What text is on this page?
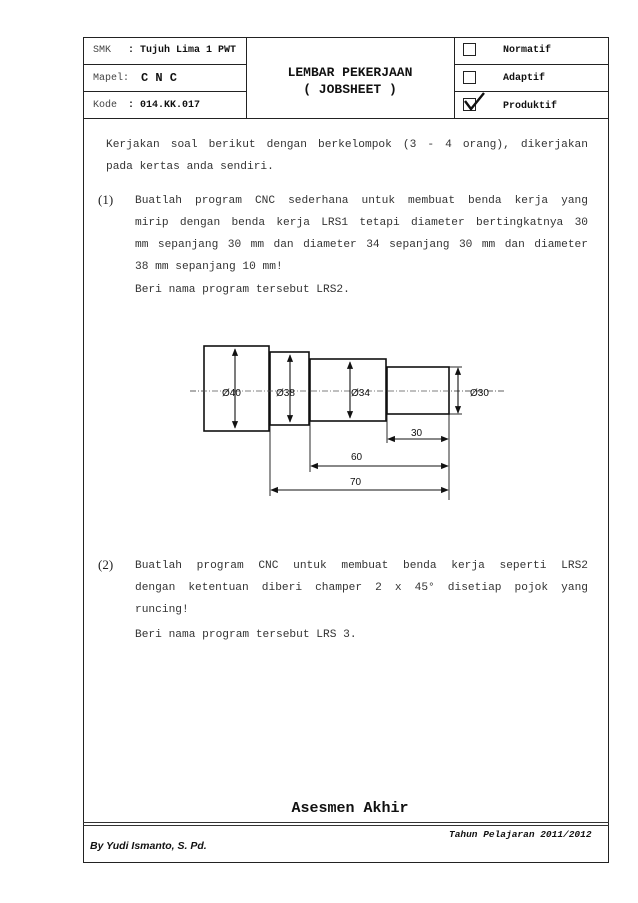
SMK : Tujuh Lima 1 PWT
Mapel: C N C
Kode : 014.KK.017
LEMBAR PEKERJAAN
( JOBSHEET )
Normatif
Adaptif
Produktif
Kerjakan soal berikut dengan berkelompok (3 - 4 orang), dikerjakan
pada kertas anda sendiri.
(1) Buatlah program CNC sederhana untuk membuat benda kerja yang
mirip dengan benda kerja LRS1 tetapi diameter bertingkatnya 30
mm sepanjang 30 mm dan diameter 34 sepanjang 30 mm dan diameter
38 mm sepanjang 10 mm!
Beri nama program tersebut LRS2.
Ø40	Ø38	Ø34	Ø30
30
60
70
(2) Buatlah program CNC untuk membuat benda kerja seperti LRS2
dengan ketentuan diberi champer 2 x 45° disetiap pojok yang
runcing!
Beri nama program tersebut LRS 3.
Asesmen Akhir
Tahun Pelajaran 2011/2012
By Yudi Ismanto, S. Pd.
